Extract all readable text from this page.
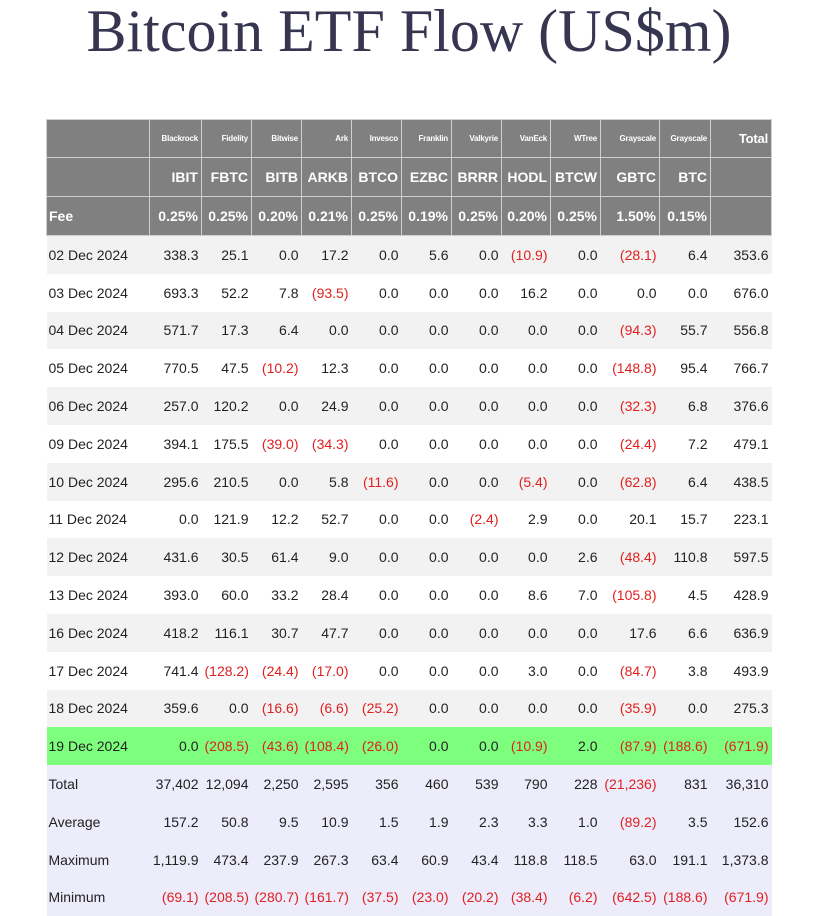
Bitcoin ETF Flow (US$m)
	Blackrock	Fidelity	Bitwise	Ark	Invesco	Franklin	Valkyrie	VanEck	WTree	Grayscale	Grayscale	Total
	IBIT	FBTC	BITB	ARKB	BTCO	EZBC	BRRR	HODL	BTCW	GBTC	BTC	
Fee	0.25%	0.25%	0.20%	0.21%	0.25%	0.19%	0.25%	0.20%	0.25%	1.50%	0.15%	
02 Dec 2024	338.3	25.1	0.0	17.2	0.0	5.6	0.0	(10.9)	0.0	(28.1)	6.4	353.6
03 Dec 2024	693.3	52.2	7.8	(93.5)	0.0	0.0	0.0	16.2	0.0	0.0	0.0	676.0
04 Dec 2024	571.7	17.3	6.4	0.0	0.0	0.0	0.0	0.0	0.0	(94.3)	55.7	556.8
05 Dec 2024	770.5	47.5	(10.2)	12.3	0.0	0.0	0.0	0.0	0.0	(148.8)	95.4	766.7
06 Dec 2024	257.0	120.2	0.0	24.9	0.0	0.0	0.0	0.0	0.0	(32.3)	6.8	376.6
09 Dec 2024	394.1	175.5	(39.0)	(34.3)	0.0	0.0	0.0	0.0	0.0	(24.4)	7.2	479.1
10 Dec 2024	295.6	210.5	0.0	5.8	(11.6)	0.0	0.0	(5.4)	0.0	(62.8)	6.4	438.5
11 Dec 2024	0.0	121.9	12.2	52.7	0.0	0.0	(2.4)	2.9	0.0	20.1	15.7	223.1
12 Dec 2024	431.6	30.5	61.4	9.0	0.0	0.0	0.0	0.0	2.6	(48.4)	110.8	597.5
13 Dec 2024	393.0	60.0	33.2	28.4	0.0	0.0	0.0	8.6	7.0	(105.8)	4.5	428.9
16 Dec 2024	418.2	116.1	30.7	47.7	0.0	0.0	0.0	0.0	0.0	17.6	6.6	636.9
17 Dec 2024	741.4	(128.2)	(24.4)	(17.0)	0.0	0.0	0.0	3.0	0.0	(84.7)	3.8	493.9
18 Dec 2024	359.6	0.0	(16.6)	(6.6)	(25.2)	0.0	0.0	0.0	0.0	(35.9)	0.0	275.3
19 Dec 2024	0.0	(208.5)	(43.6)	(108.4)	(26.0)	0.0	0.0	(10.9)	2.0	(87.9)	(188.6)	(671.9)
Total	37,402	12,094	2,250	2,595	356	460	539	790	228	(21,236)	831	36,310
Average	157.2	50.8	9.5	10.9	1.5	1.9	2.3	3.3	1.0	(89.2)	3.5	152.6
Maximum	1,119.9	473.4	237.9	267.3	63.4	60.9	43.4	118.8	118.5	63.0	191.1	1,373.8
Minimum	(69.1)	(208.5)	(280.7)	(161.7)	(37.5)	(23.0)	(20.2)	(38.4)	(6.2)	(642.5)	(188.6)	(671.9)
